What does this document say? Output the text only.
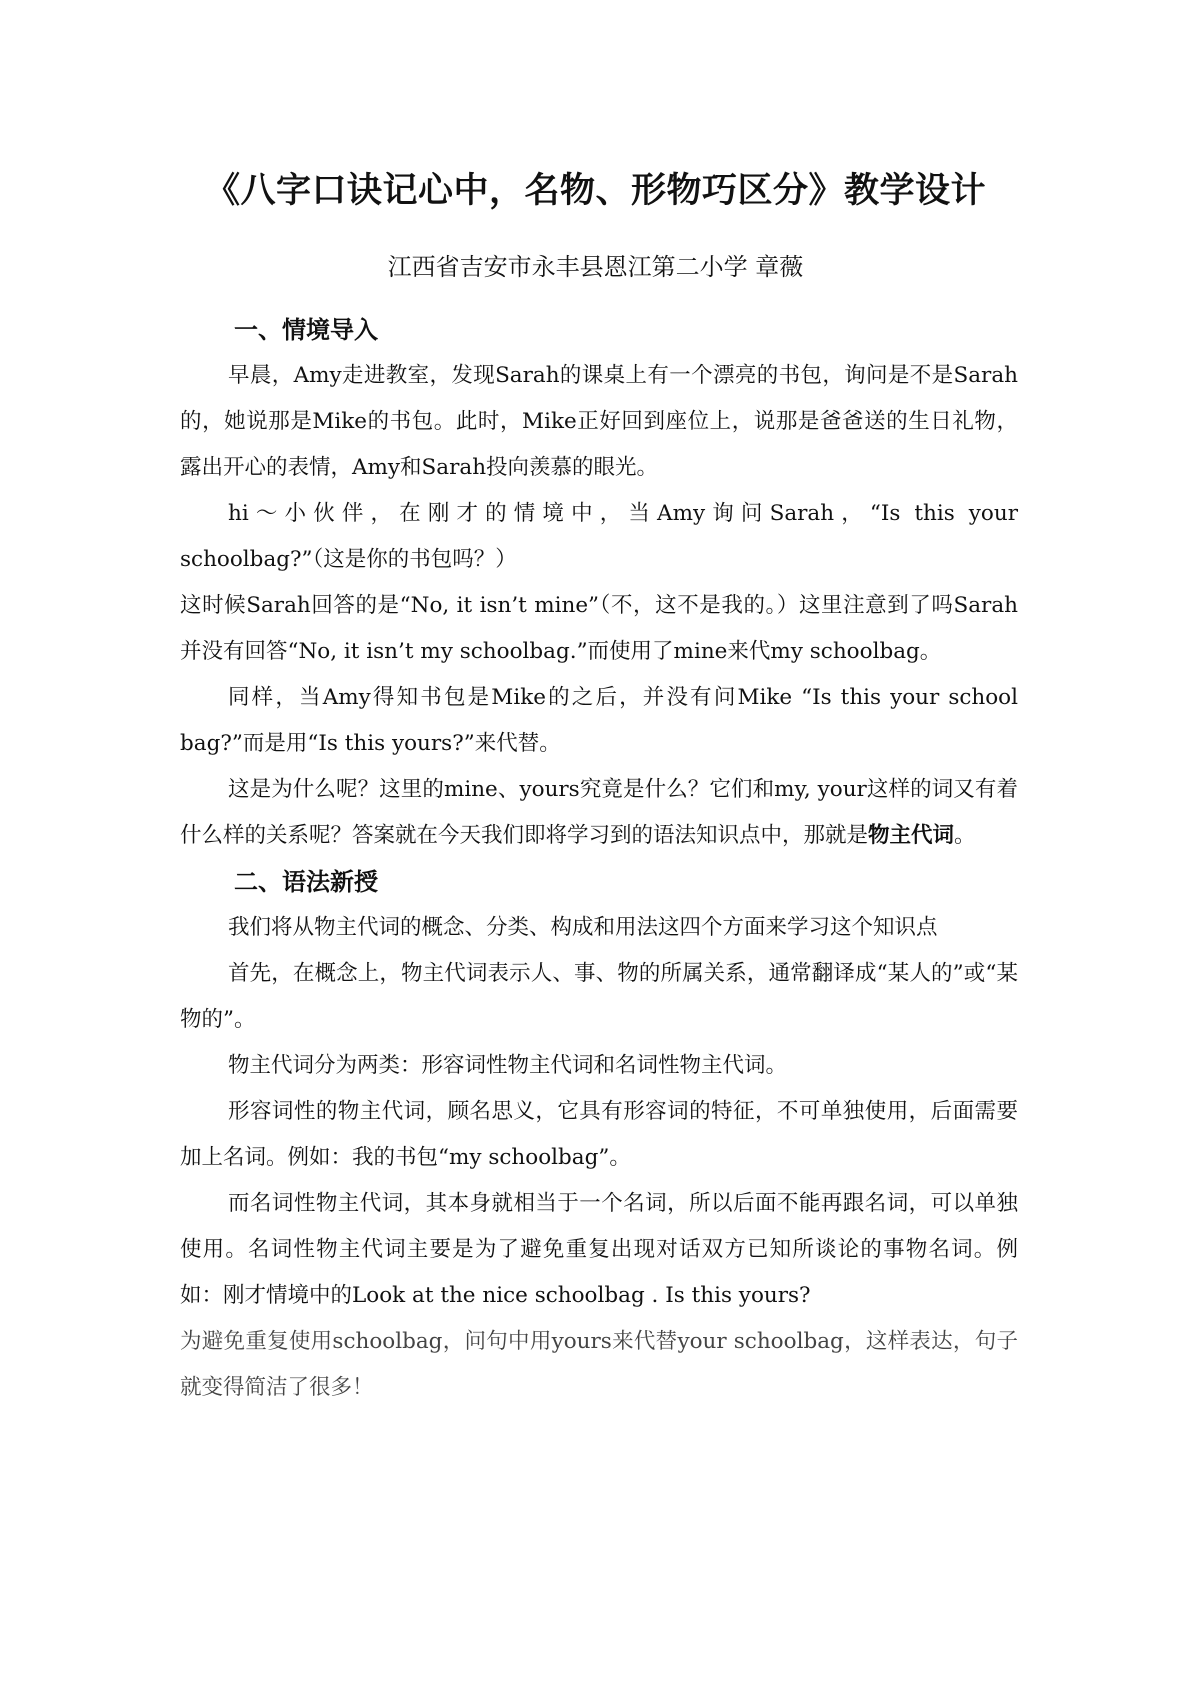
《八字口诀记心中，名物、形物巧区分》教学设计
江西省吉安市永丰县恩江第二小学 章薇
一、情境导入

早晨，Amy走进教室，发现Sarah的课桌上有一个漂亮的书包，询问是不是Sarah的，她说那是Mike的书包。此时，Mike正好回到座位上，说那是爸爸送的生日礼物，露出开心的表情，Amy和Sarah投向羡慕的眼光。

hi～小伙伴，在刚才的情境中，当Amy询问Sarah，“Is this your schoolbag?”（这是你的书包吗？）

这时候Sarah回答的是“No, it isn’t mine”（不，这不是我的。）这里注意到了吗Sarah并没有回答“No, it isn’t my schoolbag.”而使用了mine来代my schoolbag。

同样，当Amy得知书包是Mike的之后，并没有问Mike “Is this your school bag?”而是用“Is this yours?”来代替。

这是为什么呢？这里的mine、yours究竟是什么？它们和my, your这样的词又有着什么样的关系呢？答案就在今天我们即将学习到的语法知识点中，那就是物主代词。

二、语法新授

我们将从物主代词的概念、分类、构成和用法这四个方面来学习这个知识点

首先，在概念上，物主代词表示人、事、物的所属关系，通常翻译成“某人的”或“某物的”。

物主代词分为两类：形容词性物主代词和名词性物主代词。

形容词性的物主代词，顾名思义，它具有形容词的特征，不可单独使用，后面需要加上名词。例如：我的书包“my schoolbag”。

而名词性物主代词，其本身就相当于一个名词，所以后面不能再跟名词，可以单独使用。名词性物主代词主要是为了避免重复出现对话双方已知所谈论的事物名词。例如：刚才情境中的Look at the nice schoolbag . Is this yours?

为避免重复使用schoolbag，问句中用yours来代替your schoolbag，这样表达，句子就变得简洁了很多！
